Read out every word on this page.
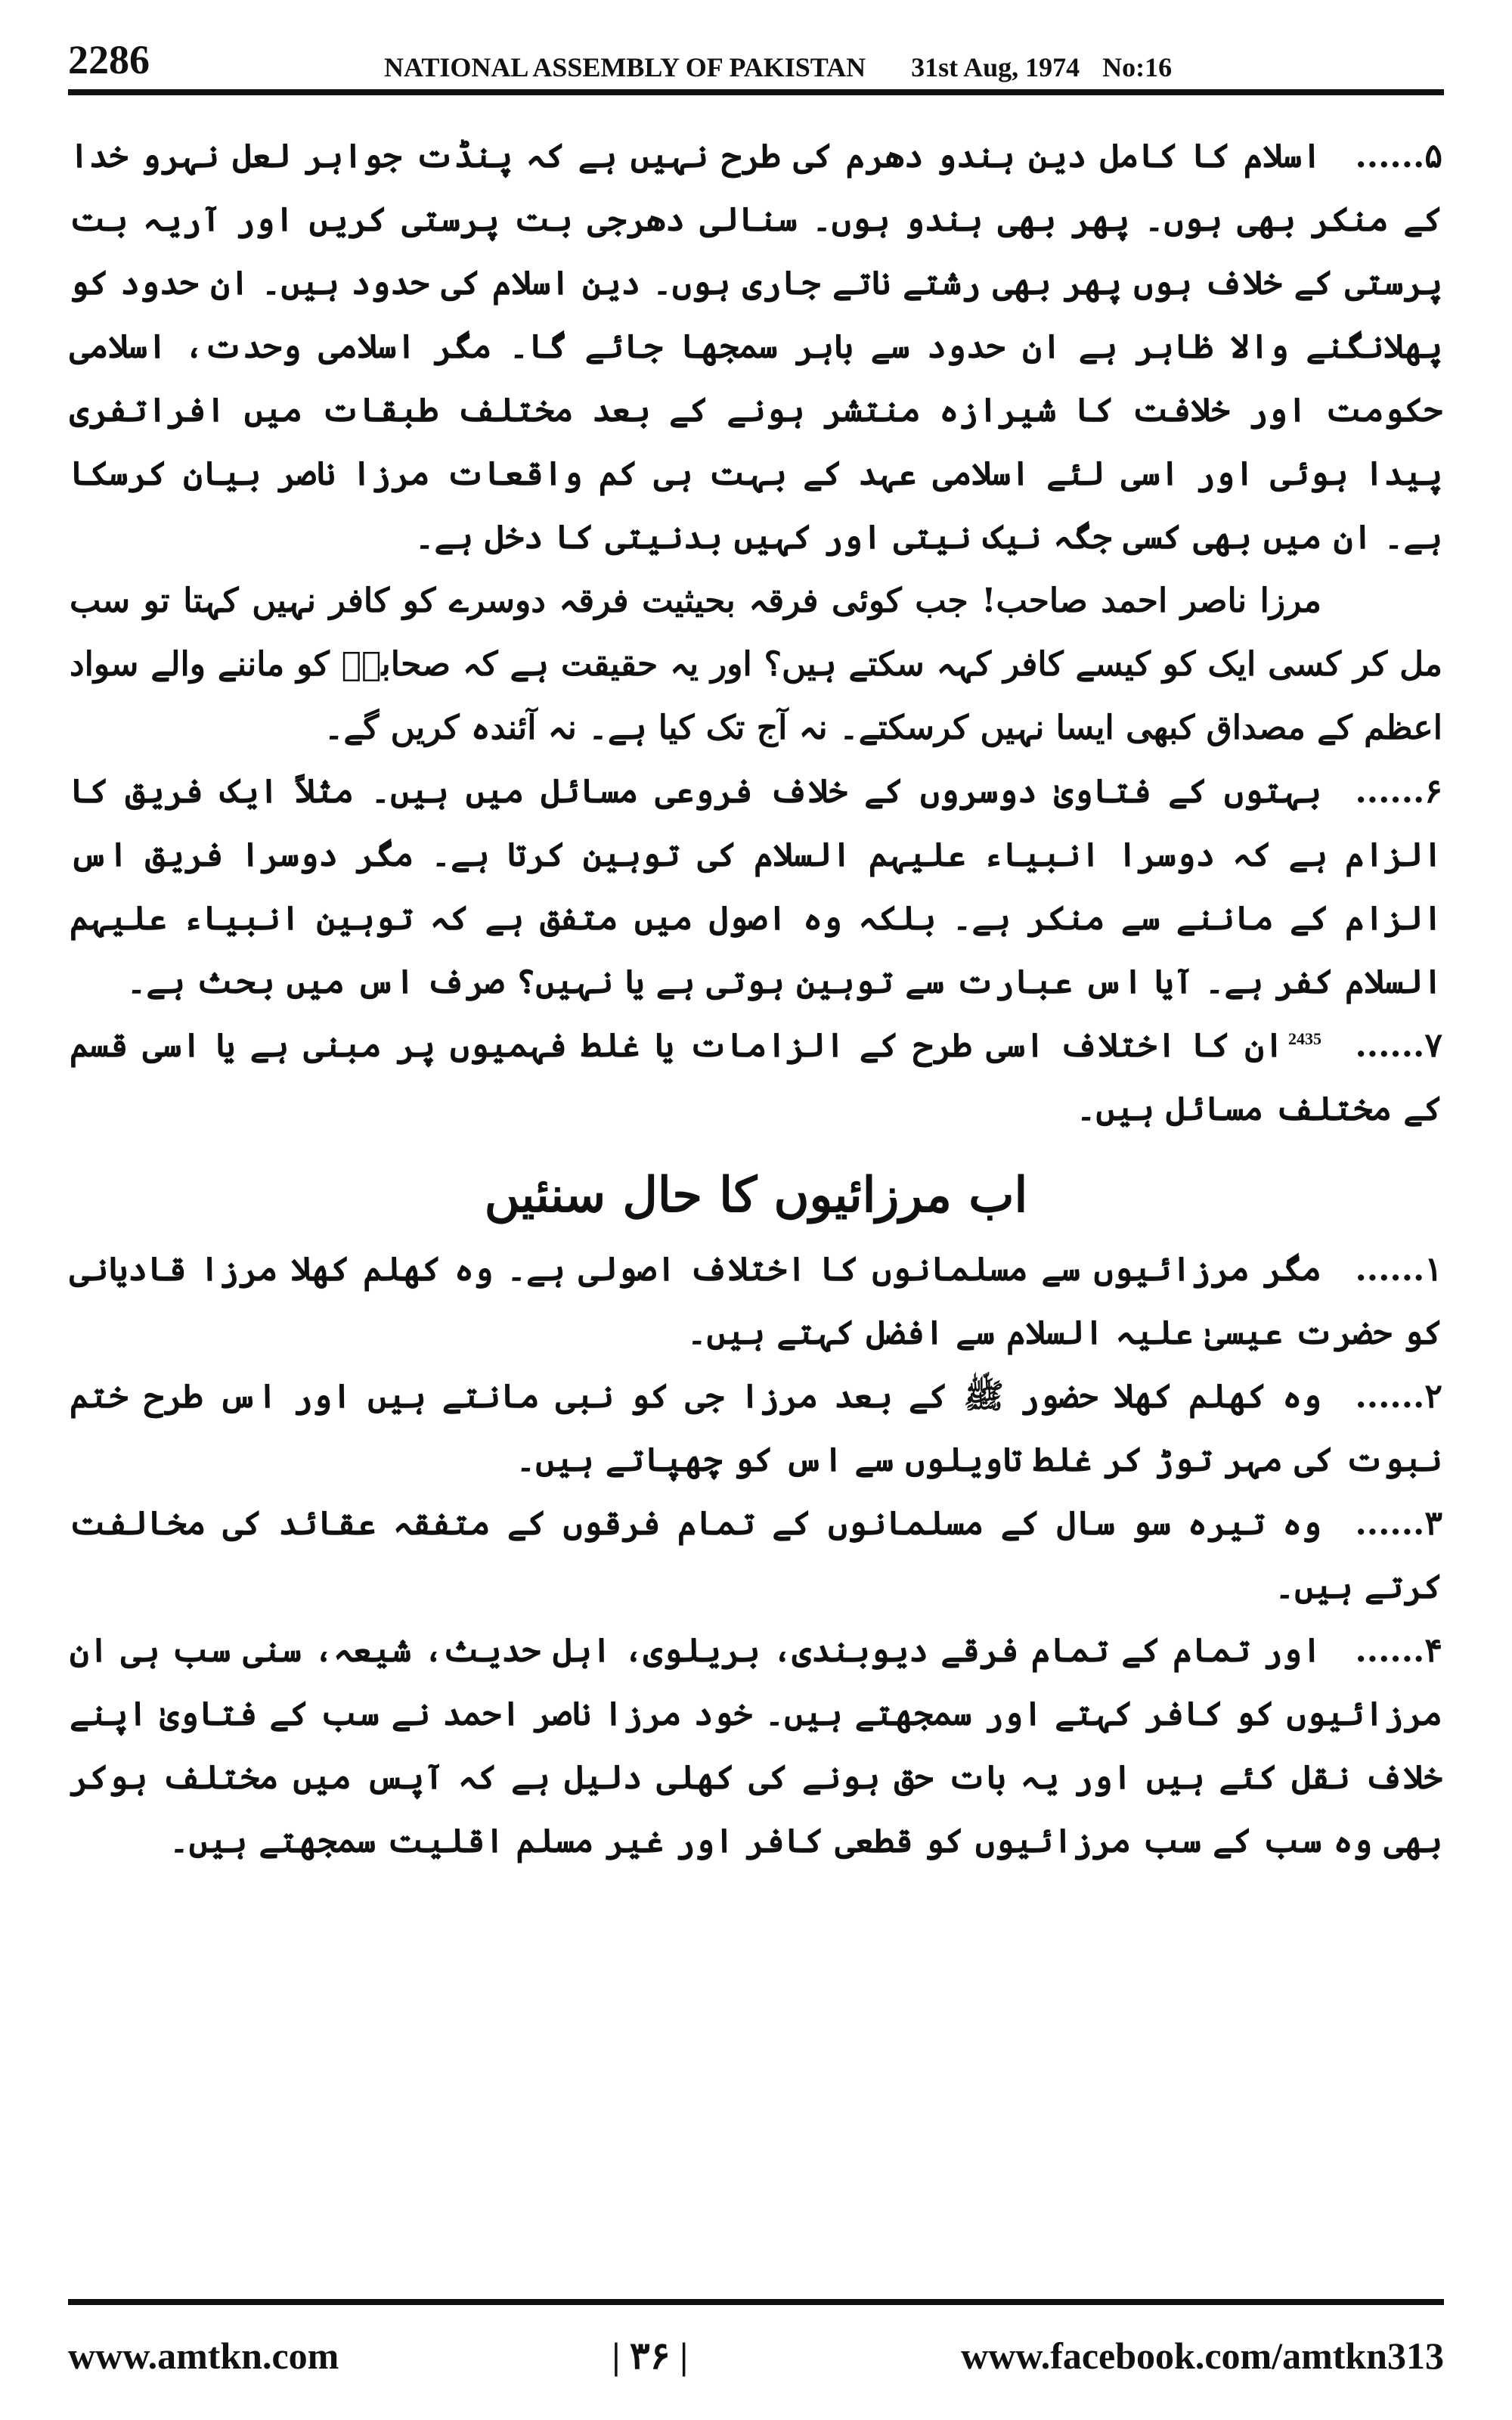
2286	NATIONAL ASSEMBLY OF PAKISTAN 31st Aug, 1974 No:16

۵......اسلام کا کامل دین ہندو دھرم کی طرح نہیں ہے کہ پنڈت جواہر لعل نہرو خدا کے منکر بھی ہوں۔ پھر بھی ہندو ہوں۔ سنالی دھرجی بت پرستی کریں اور آریہ بت پرستی کے خلاف ہوں پھر بھی رشتے ناتے جاری ہوں۔ دین اسلام کی حدود ہیں۔ ان حدود کو پھلانگنے والا ظاہر ہے ان حدود سے باہر سمجھا جائے گا۔ مگر اسلامی وحدت، اسلامی حکومت اور خلافت کا شیرازہ منتشر ہونے کے بعد مختلف طبقات میں افراتفری پیدا ہوئی اور اسی لئے اسلامی عہد کے بہت ہی کم واقعات مرزا ناصر بیان کرسکا ہے۔ ان میں بھی کسی جگہ نیک نیتی اور کہیں بدنیتی کا دخل ہے۔

مرزا ناصر احمد صاحب! جب کوئی فرقہ بحیثیت فرقہ دوسرے کو کافر نہیں کہتا تو سب مل کر کسی ایک کو کیسے کافر کہہ سکتے ہیں؟ اور یہ حقیقت ہے کہ صحابہؓ کو ماننے والے سواد اعظم کے مصداق کبھی ایسا نہیں کرسکتے۔ نہ آج تک کیا ہے۔ نہ آئندہ کریں گے۔

۶......بہتوں کے فتاویٰ دوسروں کے خلاف فروعی مسائل میں ہیں۔ مثلاً ایک فریق کا الزام ہے کہ دوسرا انبیاء علیہم السلام کی توہین کرتا ہے۔ مگر دوسرا فریق اس الزام کے ماننے سے منکر ہے۔ بلکہ وہ اصول میں متفق ہے کہ توہین انبیاء علیہم السلام کفر ہے۔ آیا اس عبارت سے توہین ہوتی ہے یا نہیں؟ صرف اس میں بحث ہے۔

۷......$^{2435}$ان کا اختلاف اسی طرح کے الزامات یا غلط فہمیوں پر مبنی ہے یا اسی قسم کے مختلف مسائل ہیں۔

اب مرزائیوں کا حال سنئیں

۱......مگر مرزائیوں سے مسلمانوں کا اختلاف اصولی ہے۔ وہ کھلم کھلا مرزا قادیانی کو حضرت عیسیٰ علیہ السلام سے افضل کہتے ہیں۔

۲......وہ کھلم کھلا حضور ﷺ کے بعد مرزا جی کو نبی مانتے ہیں اور اس طرح ختم نبوت کی مہر توڑ کر غلط تاویلوں سے اس کو چھپاتے ہیں۔

۳......وہ تیرہ سو سال کے مسلمانوں کے تمام فرقوں کے متفقہ عقائد کی مخالفت کرتے ہیں۔

۴......اور تمام کے تمام فرقے دیوبندی، بریلوی، اہل حدیث، شیعہ، سنی سب ہی ان مرزائیوں کو کافر کہتے اور سمجھتے ہیں۔ خود مرزا ناصر احمد نے سب کے فتاویٰ اپنے خلاف نقل کئے ہیں اور یہ بات حق ہونے کی کھلی دلیل ہے کہ آپس میں مختلف ہوکر بھی وہ سب کے سب مرزائیوں کو قطعی کافر اور غیر مسلم اقلیت سمجھتے ہیں۔

www.amtkn.com	| ۳۶ |	www.facebook.com/amtkn313
